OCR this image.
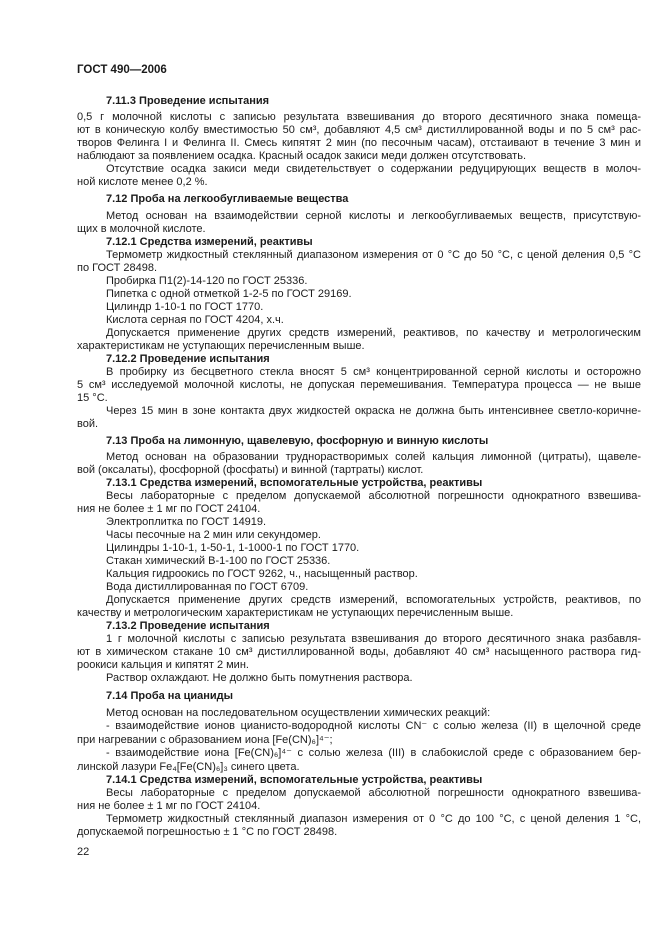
ГОСТ 490—2006
7.11.3 Проведение испытания
0,5 г молочной кислоты с записью результата взвешивания до второго десятичного знака помеща-
ют в коническую колбу вместимостью 50 см³, добавляют 4,5 см³ дистиллированной воды и по 5 см³ рас-
творов Фелинга I и Фелинга II. Смесь кипятят 2 мин (по песочным часам), отстаивают в течение 3 мин и
наблюдают за появлением осадка. Красный осадок закиси меди должен отсутствовать.
Отсутствие осадка закиси меди свидетельствует о содержании редуцирующих веществ в молоч-
ной кислоте менее 0,2 %.
7.12 Проба на легкообугливаемые вещества
Метод основан на взаимодействии серной кислоты и легкообугливаемых веществ, присутствую-
щих в молочной кислоте.
7.12.1 Средства измерений, реактивы
Термометр жидкостный стеклянный диапазоном измерения от 0 °С до 50 °С, с ценой деления 0,5 °С
по ГОСТ 28498.
Пробирка П1(2)-14-120 по ГОСТ 25336.
Пипетка с одной отметкой 1-2-5 по ГОСТ 29169.
Цилиндр 1-10-1 по ГОСТ 1770.
Кислота серная по ГОСТ 4204, х.ч.
Допускается применение других средств измерений, реактивов, по качеству и метрологическим
характеристикам не уступающих перечисленным выше.
7.12.2 Проведение испытания
В пробирку из бесцветного стекла вносят 5 см³ концентрированной серной кислоты и осторожно
5 см³ исследуемой молочной кислоты, не допуская перемешивания. Температура процесса — не выше
15 °С.
Через 15 мин в зоне контакта двух жидкостей окраска не должна быть интенсивнее светло-коричне-
вой.
7.13 Проба на лимонную, щавелевую, фосфорную и винную кислоты
Метод основан на образовании труднорастворимых солей кальция лимонной (цитраты), щавеле-
вой (оксалаты), фосфорной (фосфаты) и винной (тартраты) кислот.
7.13.1 Средства измерений, вспомогательные устройства, реактивы
Весы лабораторные с пределом допускаемой абсолютной погрешности однократного взвешива-
ния не более ± 1 мг по ГОСТ 24104.
Электроплитка по ГОСТ 14919.
Часы песочные на 2 мин или секундомер.
Цилиндры 1-10-1, 1-50-1, 1-1000-1 по ГОСТ 1770.
Стакан химический В-1-100 по ГОСТ 25336.
Кальция гидроокись по ГОСТ 9262, ч., насыщенный раствор.
Вода дистиллированная по ГОСТ 6709.
Допускается применение других средств измерений, вспомогательных устройств, реактивов, по
качеству и метрологическим характеристикам не уступающих перечисленным выше.
7.13.2 Проведение испытания
1 г молочной кислоты с записью результата взвешивания до второго десятичного знака разбавля-
ют в химическом стакане 10 см³ дистиллированной воды, добавляют 40 см³ насыщенного раствора гид-
роокиси кальция и кипятят 2 мин.
Раствор охлаждают. Не должно быть помутнения раствора.
7.14 Проба на цианиды
Метод основан на последовательном осуществлении химических реакций:
- взаимодействие ионов цианисто-водородной кислоты CN⁻ с солью железа (II) в щелочной среде
при нагревании с образованием иона [Fe(CN)₆]⁴⁻;
- взаимодействие иона [Fe(CN)₆]⁴⁻ с солью железа (III) в слабокислой среде с образованием бер-
линской лазури Fe₄[Fe(CN)₆]₃ синего цвета.
7.14.1 Средства измерений, вспомогательные устройства, реактивы
Весы лабораторные с пределом допускаемой абсолютной погрешности однократного взвешива-
ния не более ± 1 мг по ГОСТ 24104.
Термометр жидкостный стеклянный диапазон измерения от 0 °С до 100 °С, с ценой деления 1 °С,
допускаемой погрешностью ± 1 °С по ГОСТ 28498.
22
